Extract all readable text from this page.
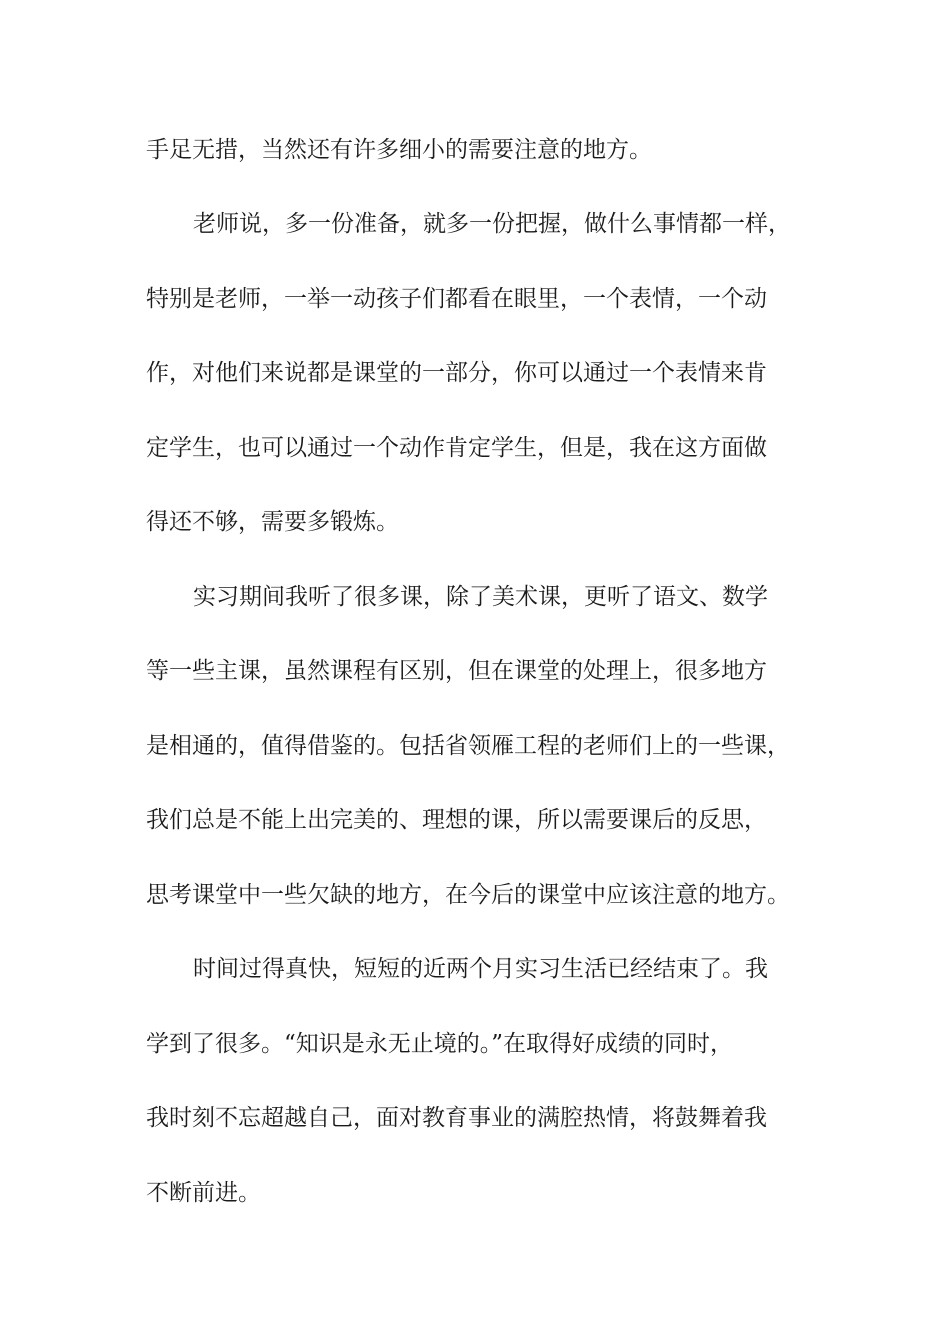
手足无措，当然还有许多细小的需要注意的地方。
老师说，多一份准备，就多一份把握，做什么事情都一样，
特别是老师，一举一动孩子们都看在眼里，一个表情，一个动
作，对他们来说都是课堂的一部分，你可以通过一个表情来肯
定学生，也可以通过一个动作肯定学生，但是，我在这方面做
得还不够，需要多锻炼。
实习期间我听了很多课，除了美术课，更听了语文、数学
等一些主课，虽然课程有区别，但在课堂的处理上，很多地方
是相通的，值得借鉴的。包括省领雁工程的老师们上的一些课，
我们总是不能上出完美的、理想的课，所以需要课后的反思，
思考课堂中一些欠缺的地方，在今后的课堂中应该注意的地方。
时间过得真快，短短的近两个月实习生活已经结束了。我
学到了很多。“知识是永无止境的。”在取得好成绩的同时，
我时刻不忘超越自己，面对教育事业的满腔热情，将鼓舞着我
不断前进。
